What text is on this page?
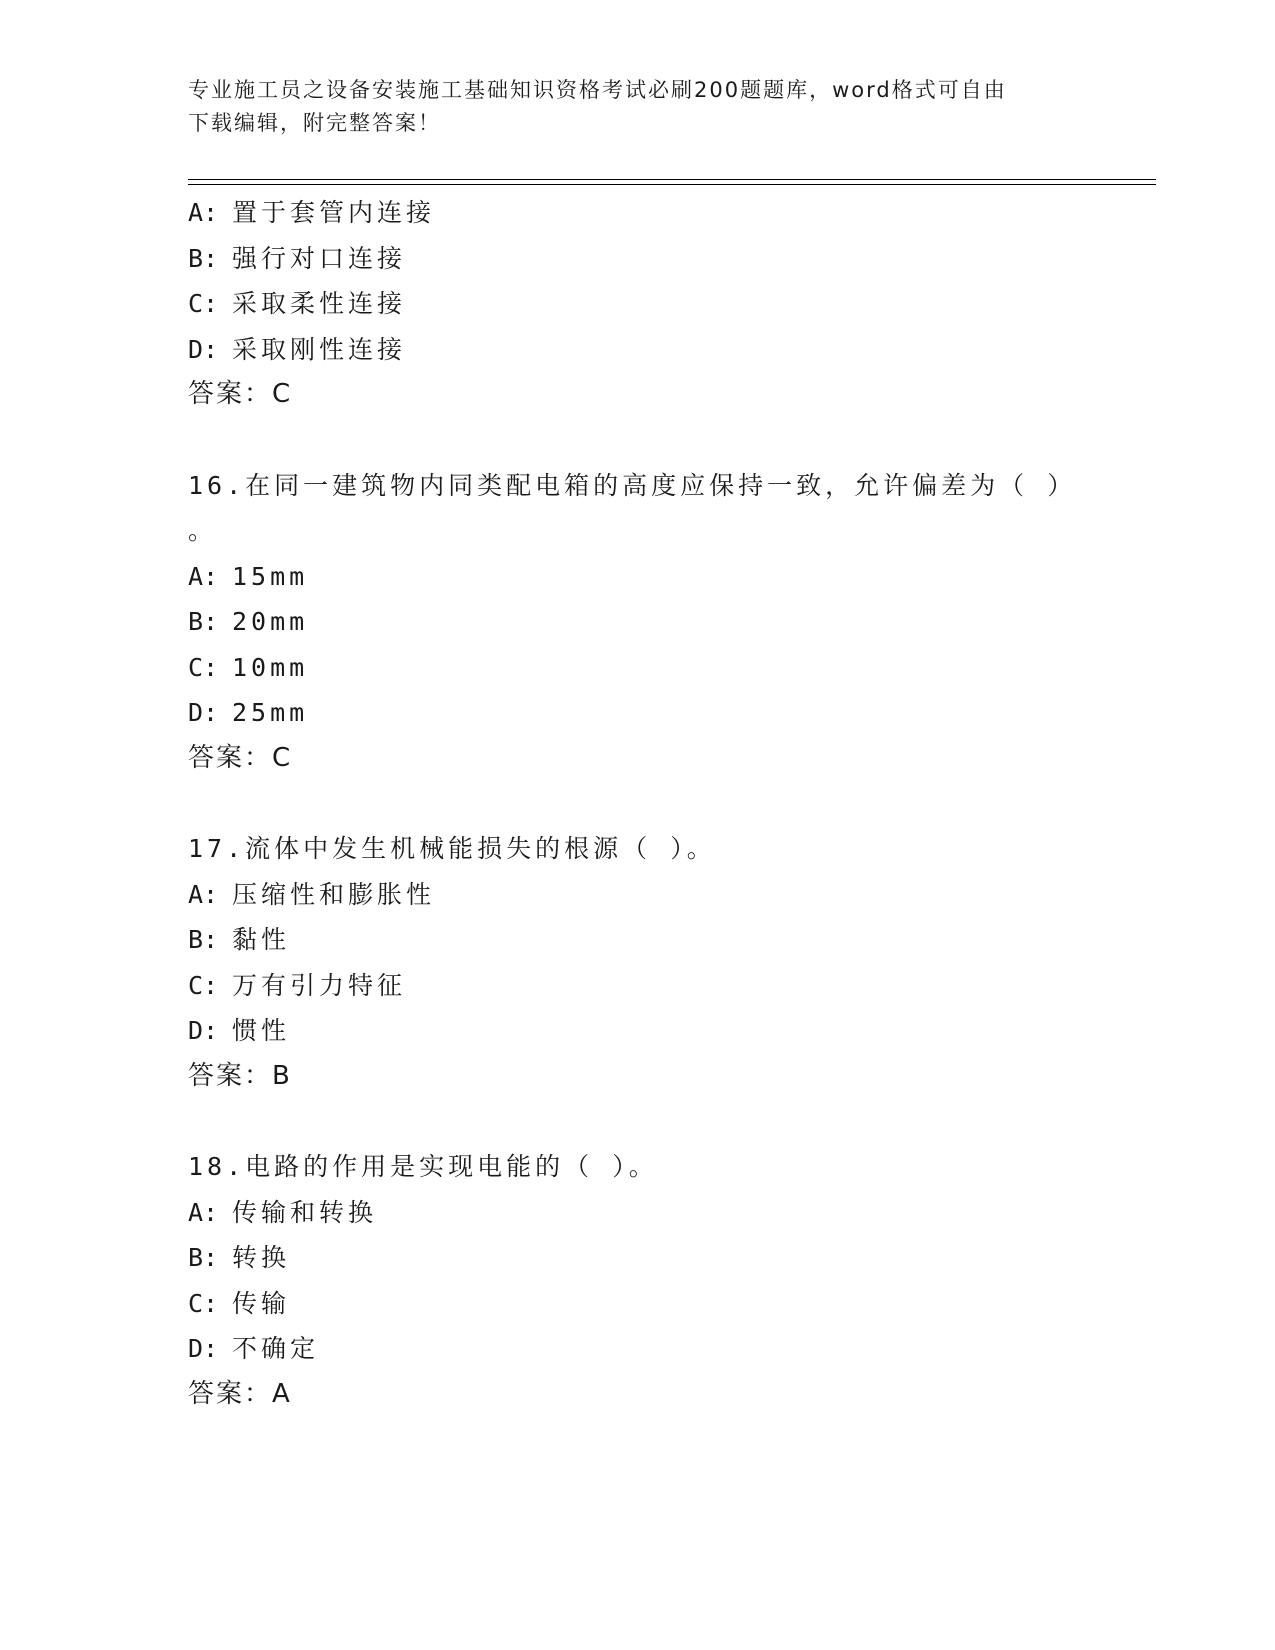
专业施工员之设备安装施工基础知识资格考试必刷200题题库，word格式可自由
下载编辑，附完整答案！
A: 置于套管内连接
B: 强行对口连接
C: 采取柔性连接
D: 采取刚性连接
答案：C
16.在同一建筑物内同类配电箱的高度应保持一致，允许偏差为（ ）
。
A: 15mm
B: 20mm
C: 10mm
D: 25mm
答案：C
17.流体中发生机械能损失的根源（ ）。
A: 压缩性和膨胀性
B: 黏性
C: 万有引力特征
D: 惯性
答案：B
18.电路的作用是实现电能的（ ）。
A: 传输和转换
B: 转换
C: 传输
D: 不确定
答案：A
